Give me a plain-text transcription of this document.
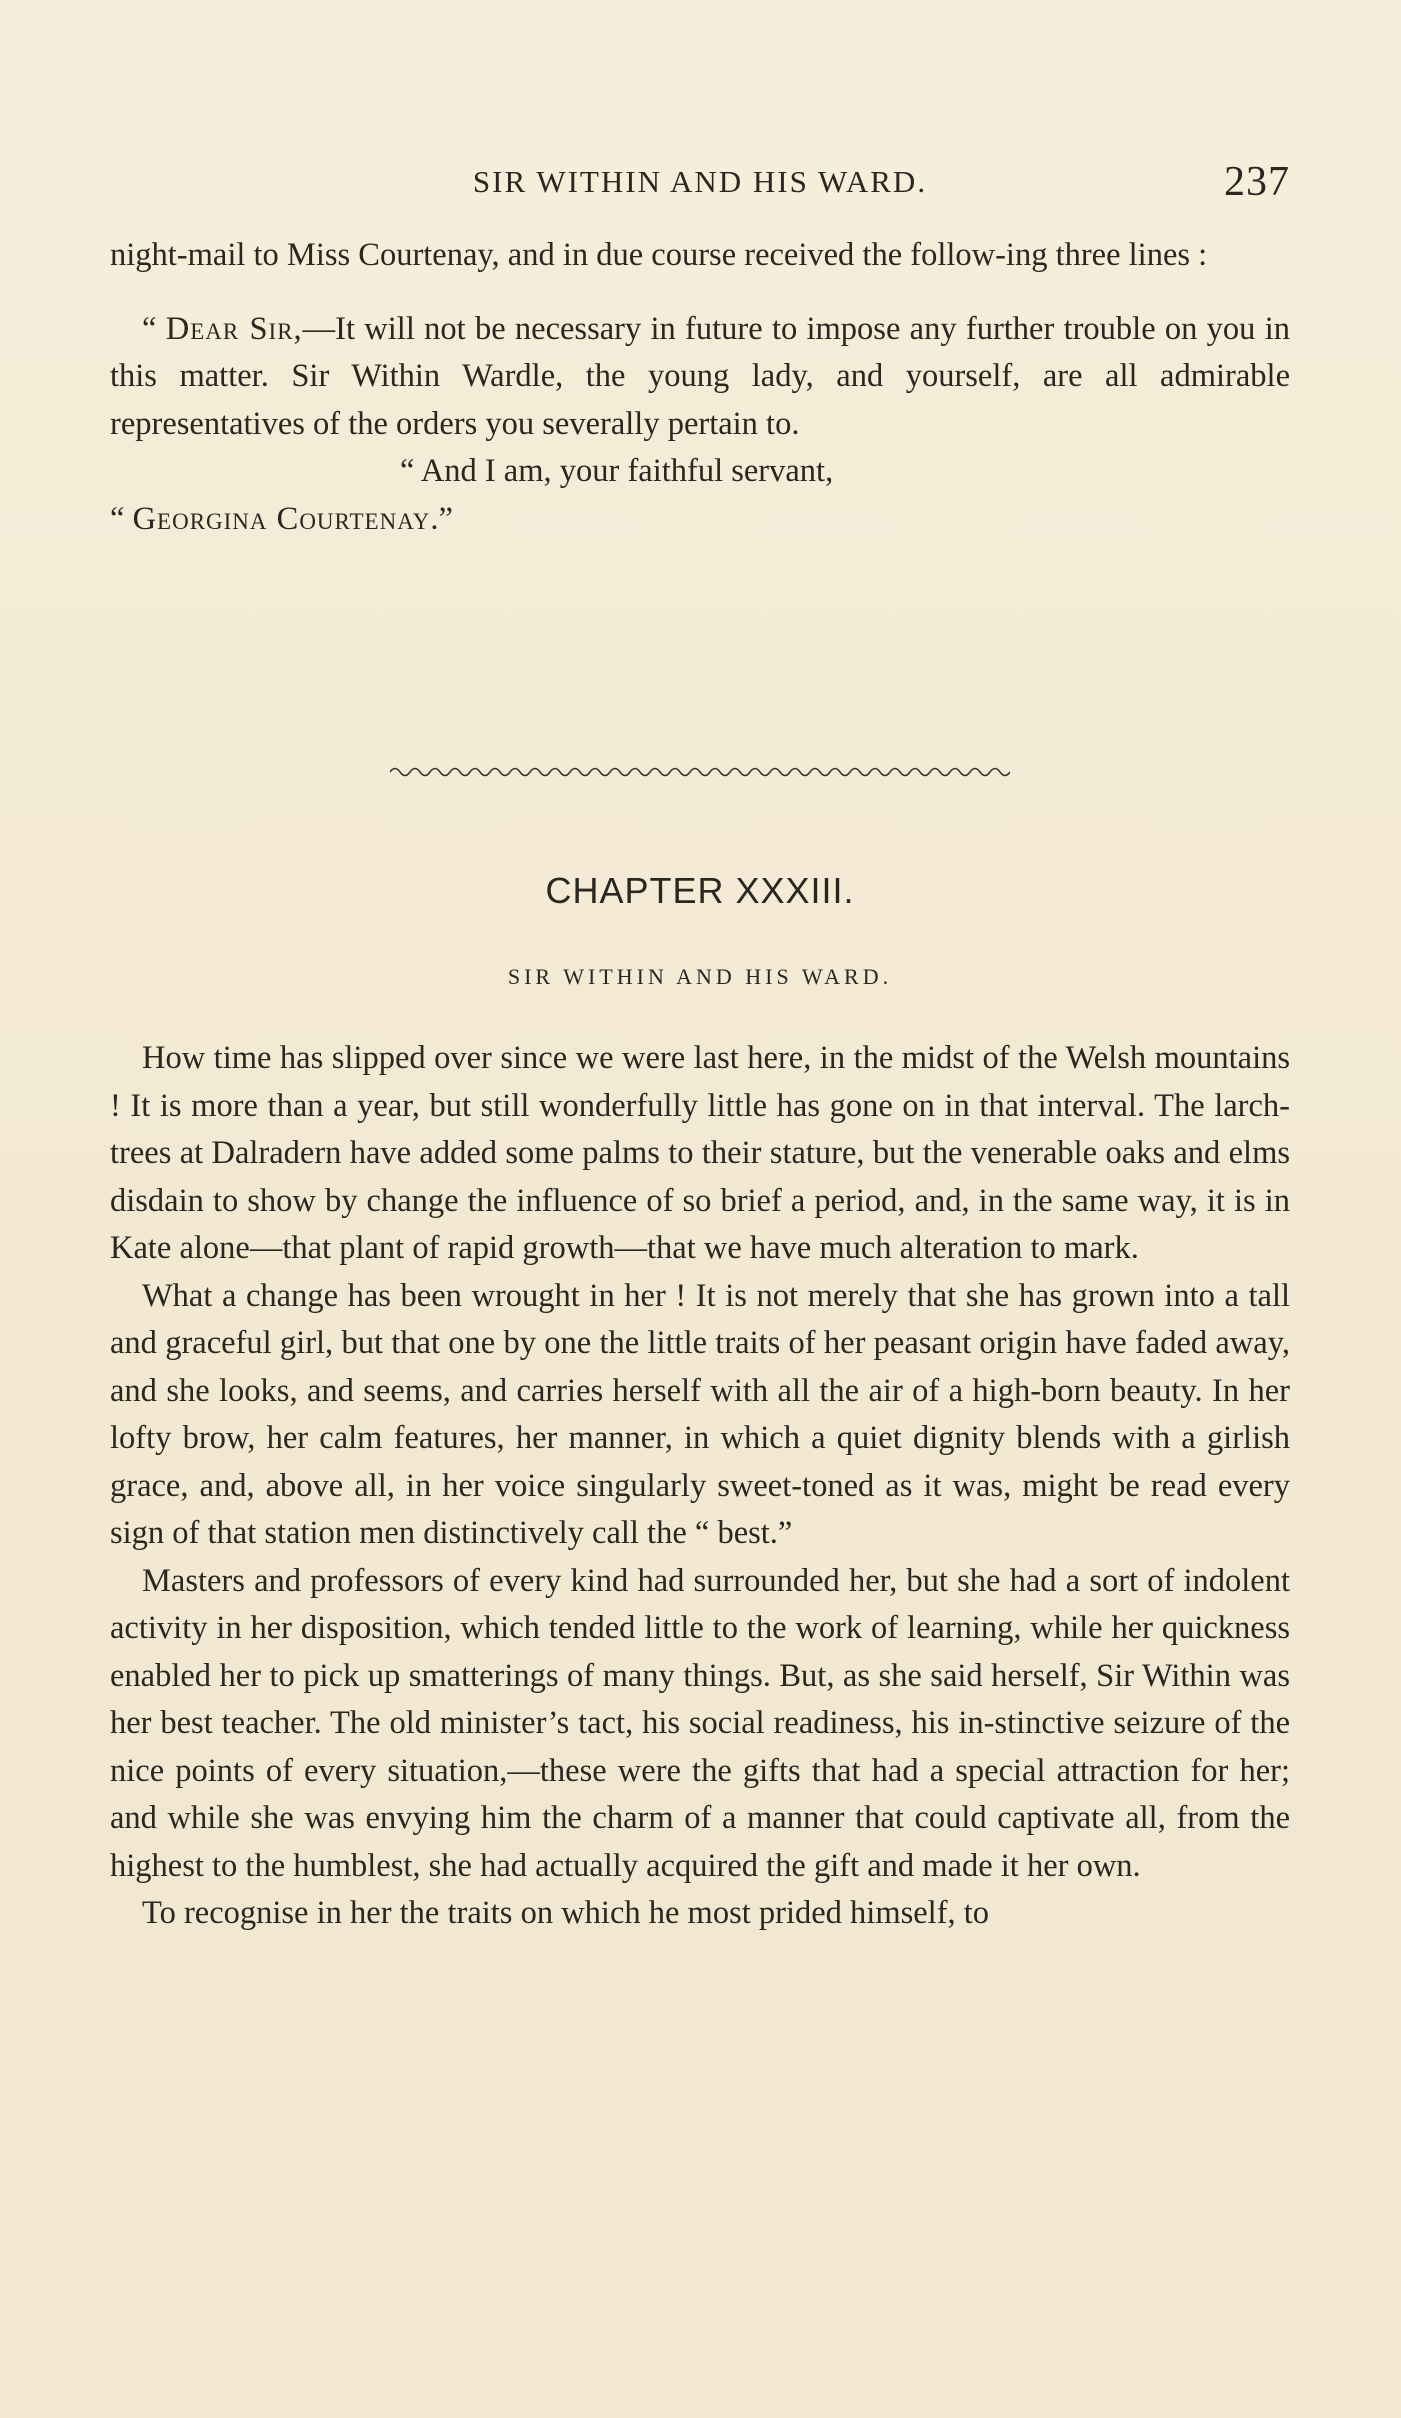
SIR WITHIN AND HIS WARD.	237

night-mail to Miss Courtenay, and in due course received the follow-ing three lines :

“ Dear Sir,—It will not be necessary in future to impose any further trouble on you in this matter. Sir Within Wardle, the young lady, and yourself, are all admirable representatives of the orders you severally pertain to.

“ And I am, your faithful servant,

“ Georgina Courtenay.”

CHAPTER XXXIII.
SIR WITHIN AND HIS WARD.

How time has slipped over since we were last here, in the midst of the Welsh mountains ! It is more than a year, but still wonderfully little has gone on in that interval. The larch-trees at Dalradern have added some palms to their stature, but the venerable oaks and elms disdain to show by change the influence of so brief a period, and, in the same way, it is in Kate alone—that plant of rapid growth—that we have much alteration to mark.

What a change has been wrought in her ! It is not merely that she has grown into a tall and graceful girl, but that one by one the little traits of her peasant origin have faded away, and she looks, and seems, and carries herself with all the air of a high-born beauty. In her lofty brow, her calm features, her manner, in which a quiet dignity blends with a girlish grace, and, above all, in her voice singularly sweet-toned as it was, might be read every sign of that station men distinctively call the “ best.”

Masters and professors of every kind had surrounded her, but she had a sort of indolent activity in her disposition, which tended little to the work of learning, while her quickness enabled her to pick up smatterings of many things. But, as she said herself, Sir Within was her best teacher. The old minister’s tact, his social readiness, his in-stinctive seizure of the nice points of every situation,—these were the gifts that had a special attraction for her; and while she was envying him the charm of a manner that could captivate all, from the highest to the humblest, she had actually acquired the gift and made it her own.

To recognise in her the traits on which he most prided himself, to
